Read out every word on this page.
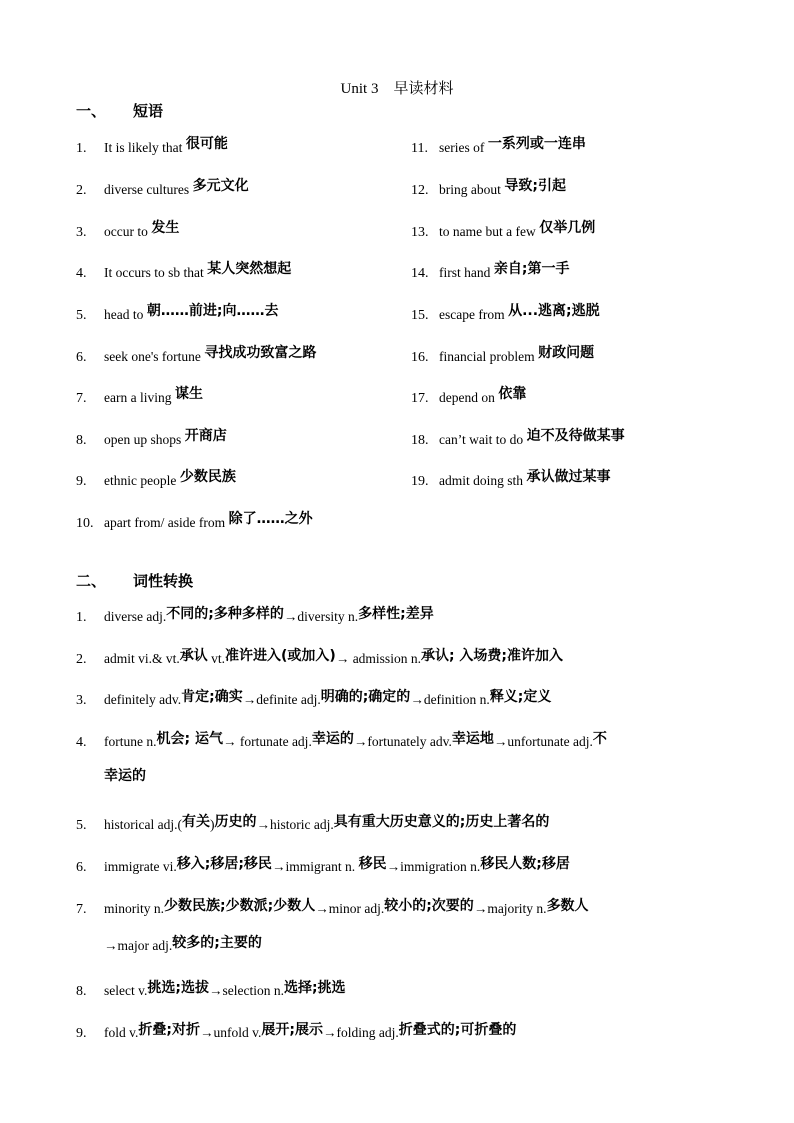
Unit 3　早读材料
一、 短语
1. It is likely that 很可能
2. diverse cultures 多元文化
3. occur to 发生
4. It occurs to sb that 某人突然想起
5. head to 朝……前进;向……去
6. seek one's fortune 寻找成功致富之路
7. earn a living 谋生
8. open up shops 开商店
9. ethnic people 少数民族
10. apart from/ aside from 除了……之外
11. series of 一系列或一连串
12. bring about 导致;引起
13. to name but a few 仅举几例
14. first hand 亲自;第一手
15. escape from 从...逃离;逃脱
16. financial problem 财政问题
17. depend on 依靠
18. can’t wait to do 迫不及待做某事
19. admit doing sth 承认做过某事
二、 词性转换
1. diverse adj.不同的;多种多样的→diversity n.多样性;差异
2. admit vi.& vt.承认 vt.准许进入(或加入)→ admission n.承认; 入场费;准许加入
3. definitely adv.肯定;确实→definite adj.明确的;确定的→definition n.释义;定义
4. fortune n.机会; 运气→ fortunate adj.幸运的→fortunately adv.幸运地→unfortunate adj.不
幸运的
5. historical adj.(有关)历史的→historic adj.具有重大历史意义的;历史上著名的
6. immigrate vi.移入;移居;移民→immigrant n. 移民→immigration n.移民人数;移居
7. minority n.少数民族;少数派;少数人→minor adj.较小的;次要的→majority n.多数人
→major adj.较多的;主要的
8. select v.挑选;选拔→selection n.选择;挑选
9. fold v.折叠;对折→unfold v.展开;展示→folding adj.折叠式的;可折叠的
